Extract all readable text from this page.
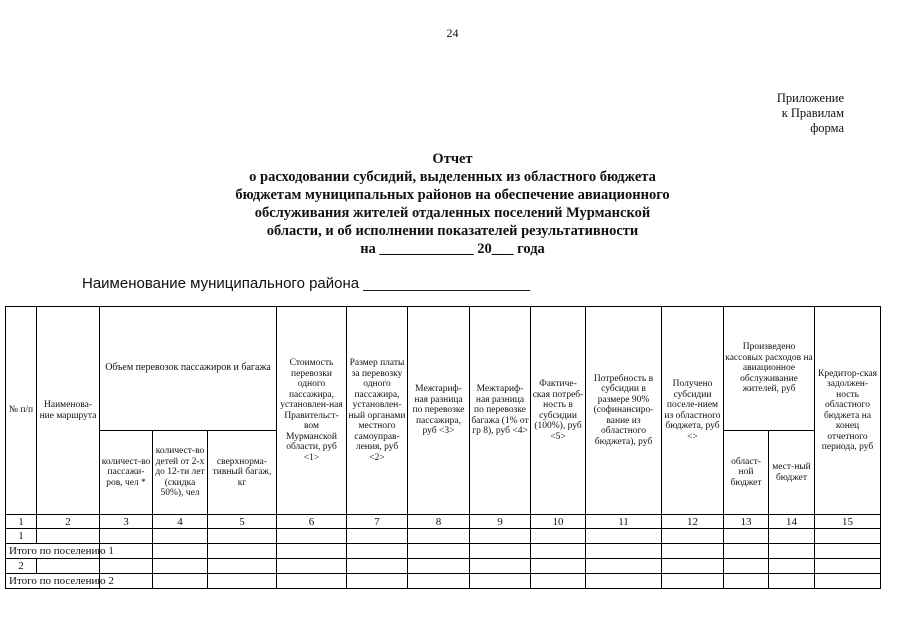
24
Приложение
к Правилам
форма
Отчет
о расходовании субсидий, выделенных из областного бюджета
бюджетам муниципальных районов на обеспечение авиационного
обслуживания жителей отдаленных поселений Мурманской
области, и об исполнении показателей результативности
на _____________ 20___ года
Наименование муниципального района ____________________
№ п/п	Наименова-ние маршрута	Объем перевозок пассажиров и багажа			Стоимость перевозки одного пассажира, установлен-ная Правительст-вом Мурманской области, руб <1>	Размер платы за перевозку одного пассажира, установлен-ный органами местного самоуправ-ления, руб <2>	Межтариф-ная разница по перевозке пассажира, руб <3>	Межтариф-ная разница по перевозке багажа (1% от гр 8), руб <4>	Фактиче-ская потреб-ность в субсидии (100%), руб <5>	Потребность в субсидии в размере 90% (софинансиро-вание из областного бюджета), руб	Получено субсидии поселе-нием из областного бюджета, руб <>	Произведено кассовых расходов на авиационное обслуживание жителей, руб		Кредитор-ская задолжен-ность областного бюджета на конец отчетного периода, руб
		количест-во пассажи-ров, чел *	количест-во детей от 2-х до 12-ти лет (скидка 50%), чел	сверхнорма-тивный багаж, кг								област-ной бюджет	мест-ный бюджет	
1	2	3	4	5	6	7	8	9	10	11	12	13	14	15
1														
Итого по поселению 1														
2														
Итого по поселению 2														
